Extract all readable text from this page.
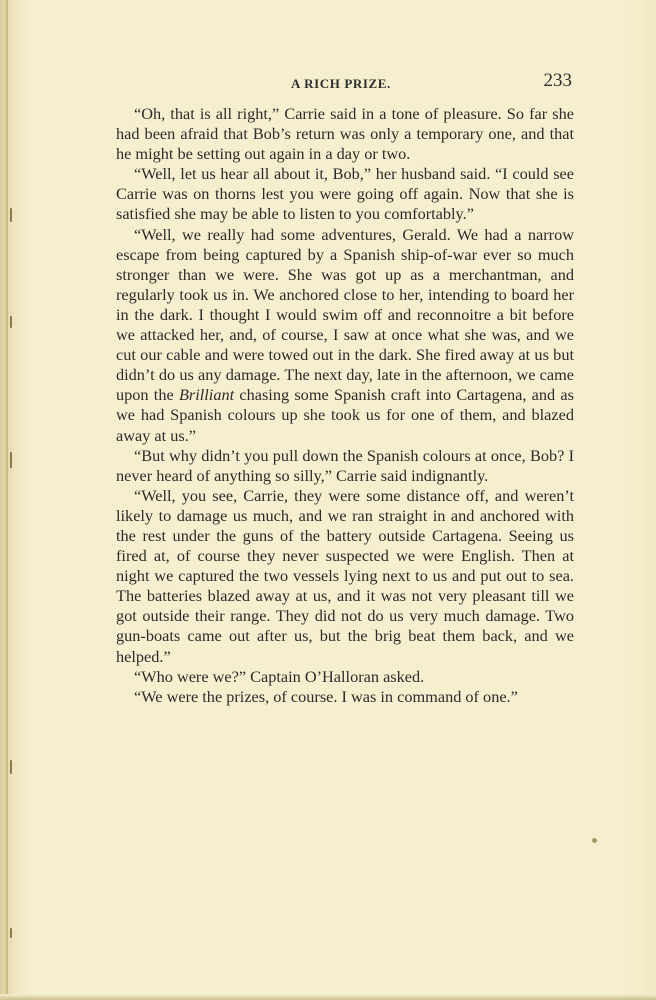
A RICH PRIZE.	233

“Oh, that is all right,” Carrie said in a tone of pleasure. So far she had been afraid that Bob’s return was only a temporary one, and that he might be setting out again in a day or two.

“Well, let us hear all about it, Bob,” her husband said. “I could see Carrie was on thorns lest you were going off again. Now that she is satisfied she may be able to listen to you comfortably.”

“Well, we really had some adventures, Gerald. We had a narrow escape from being captured by a Spanish ship-of-war ever so much stronger than we were. She was got up as a merchantman, and regularly took us in. We anchored close to her, intending to board her in the dark. I thought I would swim off and reconnoitre a bit before we attacked her, and, of course, I saw at once what she was, and we cut our cable and were towed out in the dark. She fired away at us but didn’t do us any damage. The next day, late in the afternoon, we came upon the Brilliant chasing some Spanish craft into Cartagena, and as we had Spanish colours up she took us for one of them, and blazed away at us.”

“But why didn’t you pull down the Spanish colours at once, Bob? I never heard of anything so silly,” Carrie said indignantly.

“Well, you see, Carrie, they were some distance off, and weren’t likely to damage us much, and we ran straight in and anchored with the rest under the guns of the battery outside Cartagena. Seeing us fired at, of course they never suspected we were English. Then at night we captured the two vessels lying next to us and put out to sea. The batteries blazed away at us, and it was not very pleasant till we got outside their range. They did not do us very much damage. Two gun-boats came out after us, but the brig beat them back, and we helped.”

“Who were we?” Captain O’Halloran asked.

“We were the prizes, of course. I was in command of one.”
